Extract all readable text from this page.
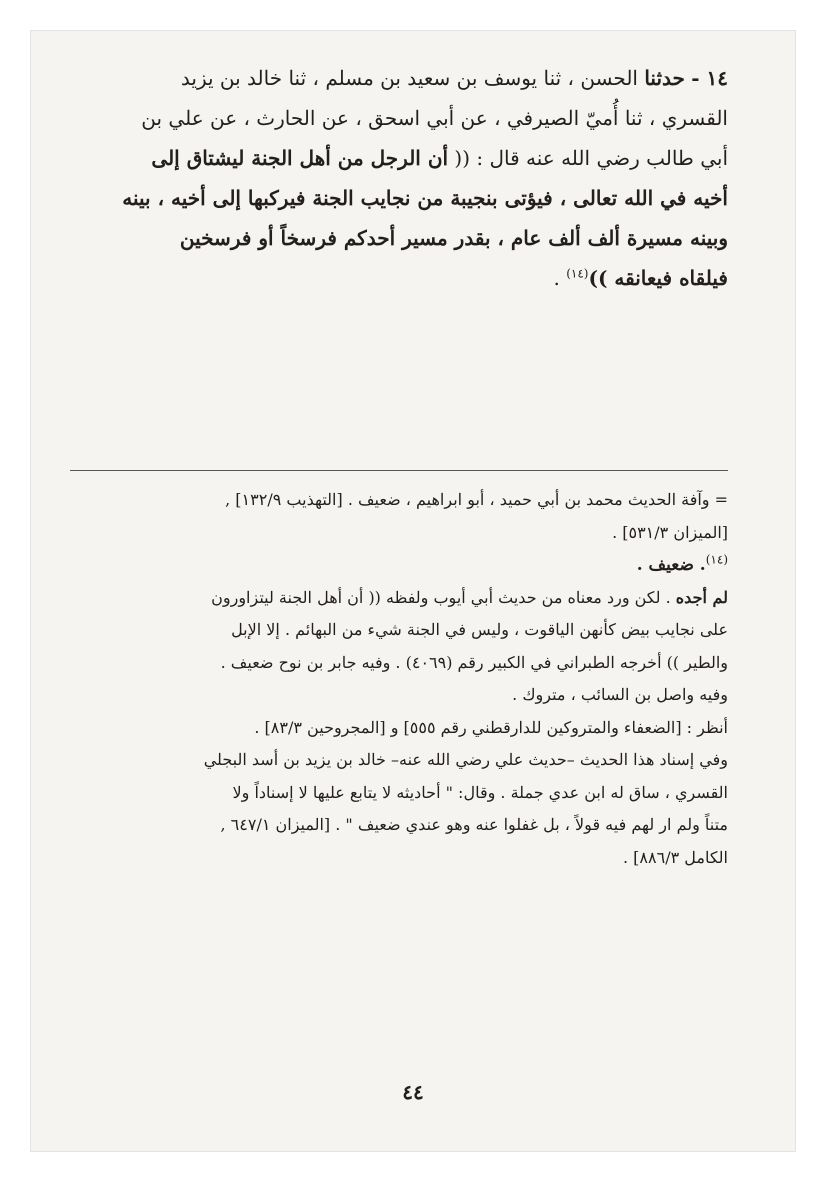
١٤ - حدثنا الحسن ، ثنا يوسف بن سعيد بن مسلم ، ثنا خالد بن يزيد

القسري ، ثنا أُميّ الصيرفي ، عن أبي اسحق ، عن الحارث ، عن علي بن

أبي طالب رضي الله عنه قال : (( أن الرجل من أهل الجنة ليشتاق إلى

أخيه في الله تعالى ، فيؤتى بنجيبة من نجايب الجنة فيركبها إلى أخيه ، بينه

وبينه مسيرة ألف ألف عام ، بقدر مسير أحدكم فرسخاً أو فرسخين

فيلقاه فيعانقه ))$^{(١٤)}$ .

= وآفة الحديث محمد بن أبي حميد ، أبو ابراهيم ، ضعيف . [التهذيب ١٣٢/٩] ,

[الميزان ٥٣١/٣] .

$^{(١٤)}$. ضعيف .

لم أجده . لكن ورد معناه من حديث أبي أيوب ولفظه (( أن أهل الجنة ليتزاورون

على نجايب بيض كأنهن الياقوت ، وليس في الجنة شيء من البهائم . إلا الإبل

والطير )) أخرجه الطبراني في الكبير رقم (٤٠٦٩) . وفيه جابر بن نوح ضعيف .

وفيه واصل بن السائب ، متروك .

أنظر : [الضعفاء والمتروكين للدارقطني رقم ٥٥٥] و [المجروحين ٨٣/٣] .

وفي إسناد هذا الحديث –حديث علي رضي الله عنه– خالد بن يزيد بن أسد البجلي

القسري ، ساق له ابن عدي جملة . وقال: " أحاديثه لا يتابع عليها لا إسناداً ولا

متناً ولم ار لهم فيه قولاً ، بل غفلوا عنه وهو عندي ضعيف " . [الميزان ٦٤٧/١ ,

الكامل ٨٨٦/٣] .

٤٤
